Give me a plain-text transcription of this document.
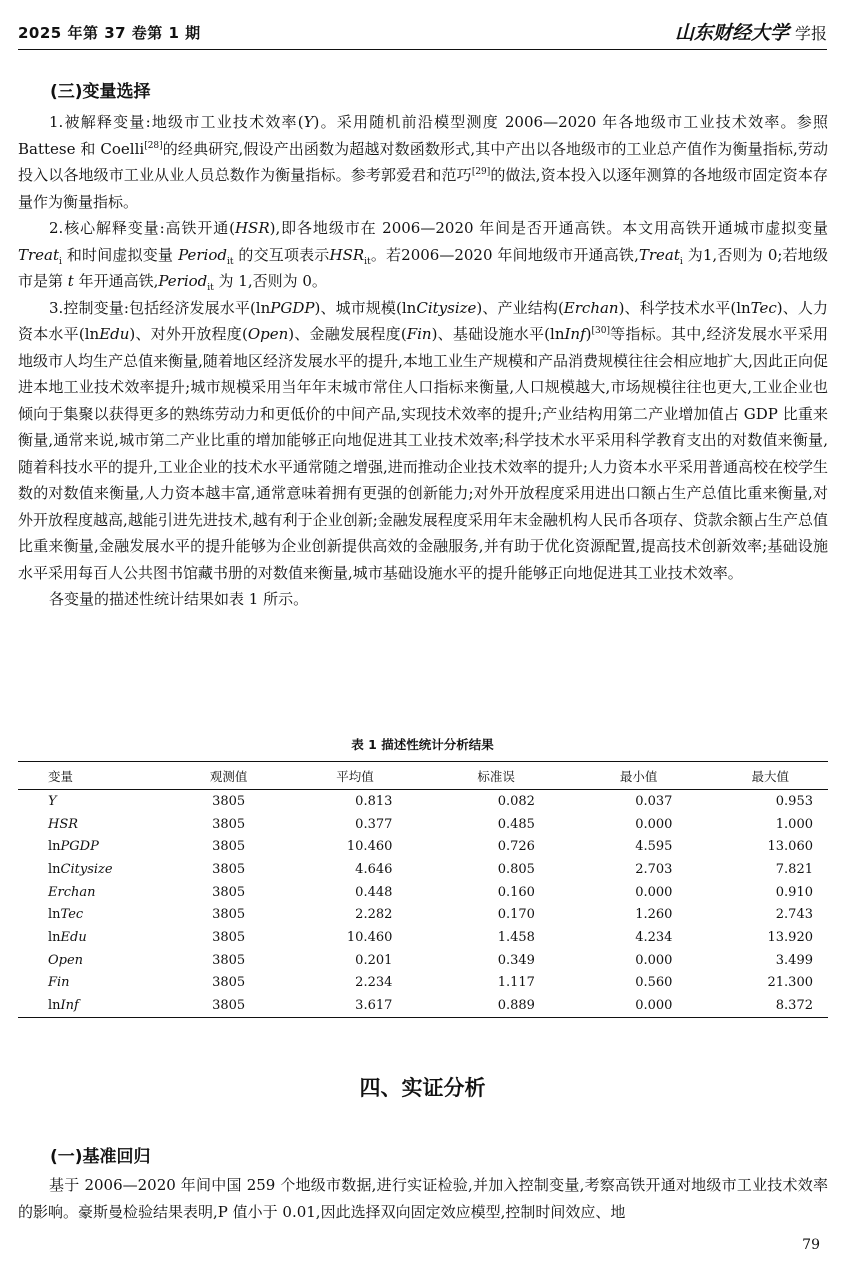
2025 年第 37 卷第 1 期	山东财经大学 学报
(三)变量选择

1.被解释变量:地级市工业技术效率(Y)。采用随机前沿模型测度 2006—2020 年各地级市工业技术效率。参照 Battese 和 Coelli[28]的经典研究,假设产出函数为超越对数函数形式,其中产出以各地级市的工业总产值作为衡量指标,劳动投入以各地级市工业从业人员总数作为衡量指标。参考郭爱君和范巧[29]的做法,资本投入以逐年测算的各地级市固定资本存量作为衡量指标。

2.核心解释变量:高铁开通(HSR),即各地级市在 2006—2020 年间是否开通高铁。本文用高铁开通城市虚拟变量 Treat$_i$ 和时间虚拟变量 Period$_{it}$ 的交互项表示$HSR_{it}$。若2006—2020 年间地级市开通高铁,Treat$_i$ 为1,否则为 0;若地级市是第 t 年开通高铁,Period$_{it}$ 为 1,否则为 0。

3.控制变量:包括经济发展水平(lnPGDP)、城市规模(lnCitysize)、产业结构(Erchan)、科学技术水平(lnTec)、人力资本水平(lnEdu)、对外开放程度(Open)、金融发展程度(Fin)、基础设施水平(lnInf)[30]等指标。其中,经济发展水平采用地级市人均生产总值来衡量,随着地区经济发展水平的提升,本地工业生产规模和产品消费规模往往会相应地扩大,因此正向促进本地工业技术效率提升;城市规模采用当年年末城市常住人口指标来衡量,人口规模越大,市场规模往往也更大,工业企业也倾向于集聚以获得更多的熟练劳动力和更低价的中间产品,实现技术效率的提升;产业结构用第二产业增加值占 GDP 比重来衡量,通常来说,城市第二产业比重的增加能够正向地促进其工业技术效率;科学技术水平采用科学教育支出的对数值来衡量,随着科技水平的提升,工业企业的技术水平通常随之增强,进而推动企业技术效率的提升;人力资本水平采用普通高校在校学生数的对数值来衡量,人力资本越丰富,通常意味着拥有更强的创新能力;对外开放程度采用进出口额占生产总值比重来衡量,对外开放程度越高,越能引进先进技术,越有利于企业创新;金融发展程度采用年末金融机构人民币各项存、贷款余额占生产总值比重来衡量,金融发展水平的提升能够为企业创新提供高效的金融服务,并有助于优化资源配置,提高技术创新效率;基础设施水平采用每百人公共图书馆藏书册的对数值来衡量,城市基础设施水平的提升能够正向地促进其工业技术效率。

各变量的描述性统计结果如表 1 所示。

表 1 描述性统计分析结果
变量	观测值	平均值	标准误	最小值	最大值
Y	3805	0.813	0.082	0.037	0.953
HSR	3805	0.377	0.485	0.000	1.000
lnPGDP	3805	10.460	0.726	4.595	13.060
lnCitysize	3805	4.646	0.805	2.703	7.821
Erchan	3805	0.448	0.160	0.000	0.910
lnTec	3805	2.282	0.170	1.260	2.743
lnEdu	3805	10.460	1.458	4.234	13.920
Open	3805	0.201	0.349	0.000	3.499
Fin	3805	2.234	1.117	0.560	21.300
lnInf	3805	3.617	0.889	0.000	8.372
四、实证分析
(一)基准回归

基于 2006—2020 年间中国 259 个地级市数据,进行实证检验,并加入控制变量,考察高铁开通对地级市工业技术效率的影响。豪斯曼检验结果表明,P 值小于 0.01,因此选择双向固定效应模型,控制时间效应、地

79
